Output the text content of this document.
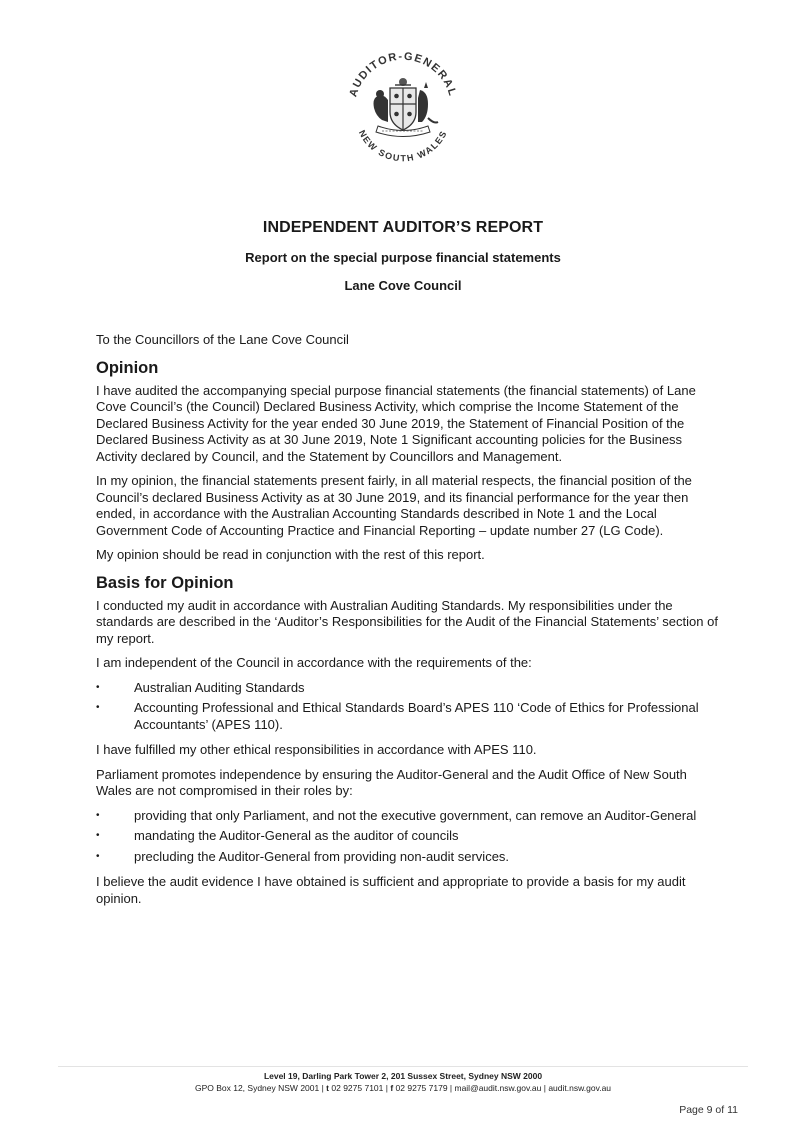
AUDITOR-GENERAL
NEW SOUTH WALES
INDEPENDENT AUDITOR’S REPORT
Report on the special purpose financial statements
Lane Cove Council

To the Councillors of the Lane Cove Council

Opinion

I have audited the accompanying special purpose financial statements (the financial statements) of Lane Cove Council’s (the Council) Declared Business Activity, which comprise the Income Statement of the Declared Business Activity for the year ended 30 June 2019, the Statement of Financial Position of the Declared Business Activity as at 30 June 2019, Note 1 Significant accounting policies for the Business Activity declared by Council, and the Statement by Councillors and Management.

In my opinion, the financial statements present fairly, in all material respects, the financial position of the Council’s declared Business Activity as at 30 June 2019, and its financial performance for the year then ended, in accordance with the Australian Accounting Standards described in Note 1 and the Local Government Code of Accounting Practice and Financial Reporting – update number 27 (LG Code).

My opinion should be read in conjunction with the rest of this report.

Basis for Opinion

I conducted my audit in accordance with Australian Auditing Standards. My responsibilities under the standards are described in the ‘Auditor’s Responsibilities for the Audit of the Financial Statements’ section of my report.

I am independent of the Council in accordance with the requirements of the:

•	Australian Auditing Standards
•	Accounting Professional and Ethical Standards Board’s APES 110 ‘Code of Ethics for Professional Accountants’ (APES 110).

I have fulfilled my other ethical responsibilities in accordance with APES 110.

Parliament promotes independence by ensuring the Auditor-General and the Audit Office of New South Wales are not compromised in their roles by:

•	providing that only Parliament, and not the executive government, can remove an Auditor-General
•	mandating the Auditor-General as the auditor of councils
•	precluding the Auditor-General from providing non-audit services.

I believe the audit evidence I have obtained is sufficient and appropriate to provide a basis for my audit opinion.

Level 19, Darling Park Tower 2, 201 Sussex Street, Sydney NSW 2000
GPO Box 12, Sydney NSW 2001 | t 02 9275 7101 | f 02 9275 7179 | mail@audit.nsw.gov.au | audit.nsw.gov.au
Page 9 of 11
